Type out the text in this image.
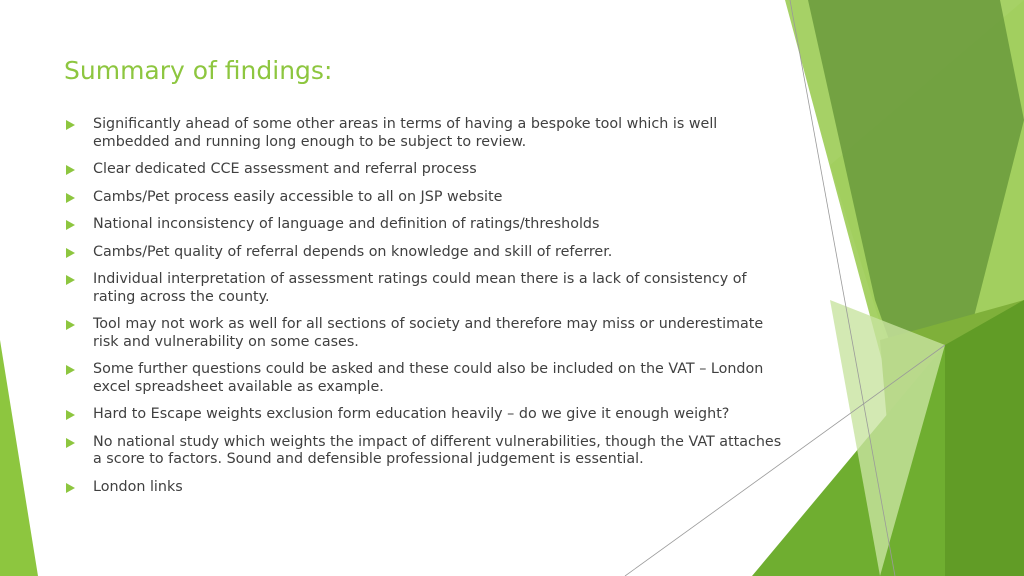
Summary of findings:
Significantly ahead of some other areas in terms of having a bespoke tool which is well embedded and running long enough to be subject to review.
Clear dedicated CCE assessment and referral process
Cambs/Pet process easily accessible to all on JSP website
National inconsistency of language and definition of ratings/thresholds
Cambs/Pet quality of referral depends on knowledge and skill of referrer.
Individual interpretation of assessment ratings could mean there is a lack of consistency of rating across the county.
Tool may not work as well for all sections of society and therefore may miss or underestimate risk and vulnerability on some cases.
Some further questions could be asked and these could also be included on the VAT – London excel spreadsheet available as example.
Hard to Escape weights exclusion form education heavily – do we give it enough weight?
No national study which weights the impact of different vulnerabilities, though the VAT attaches a score to factors. Sound and defensible professional judgement is essential.
London links
